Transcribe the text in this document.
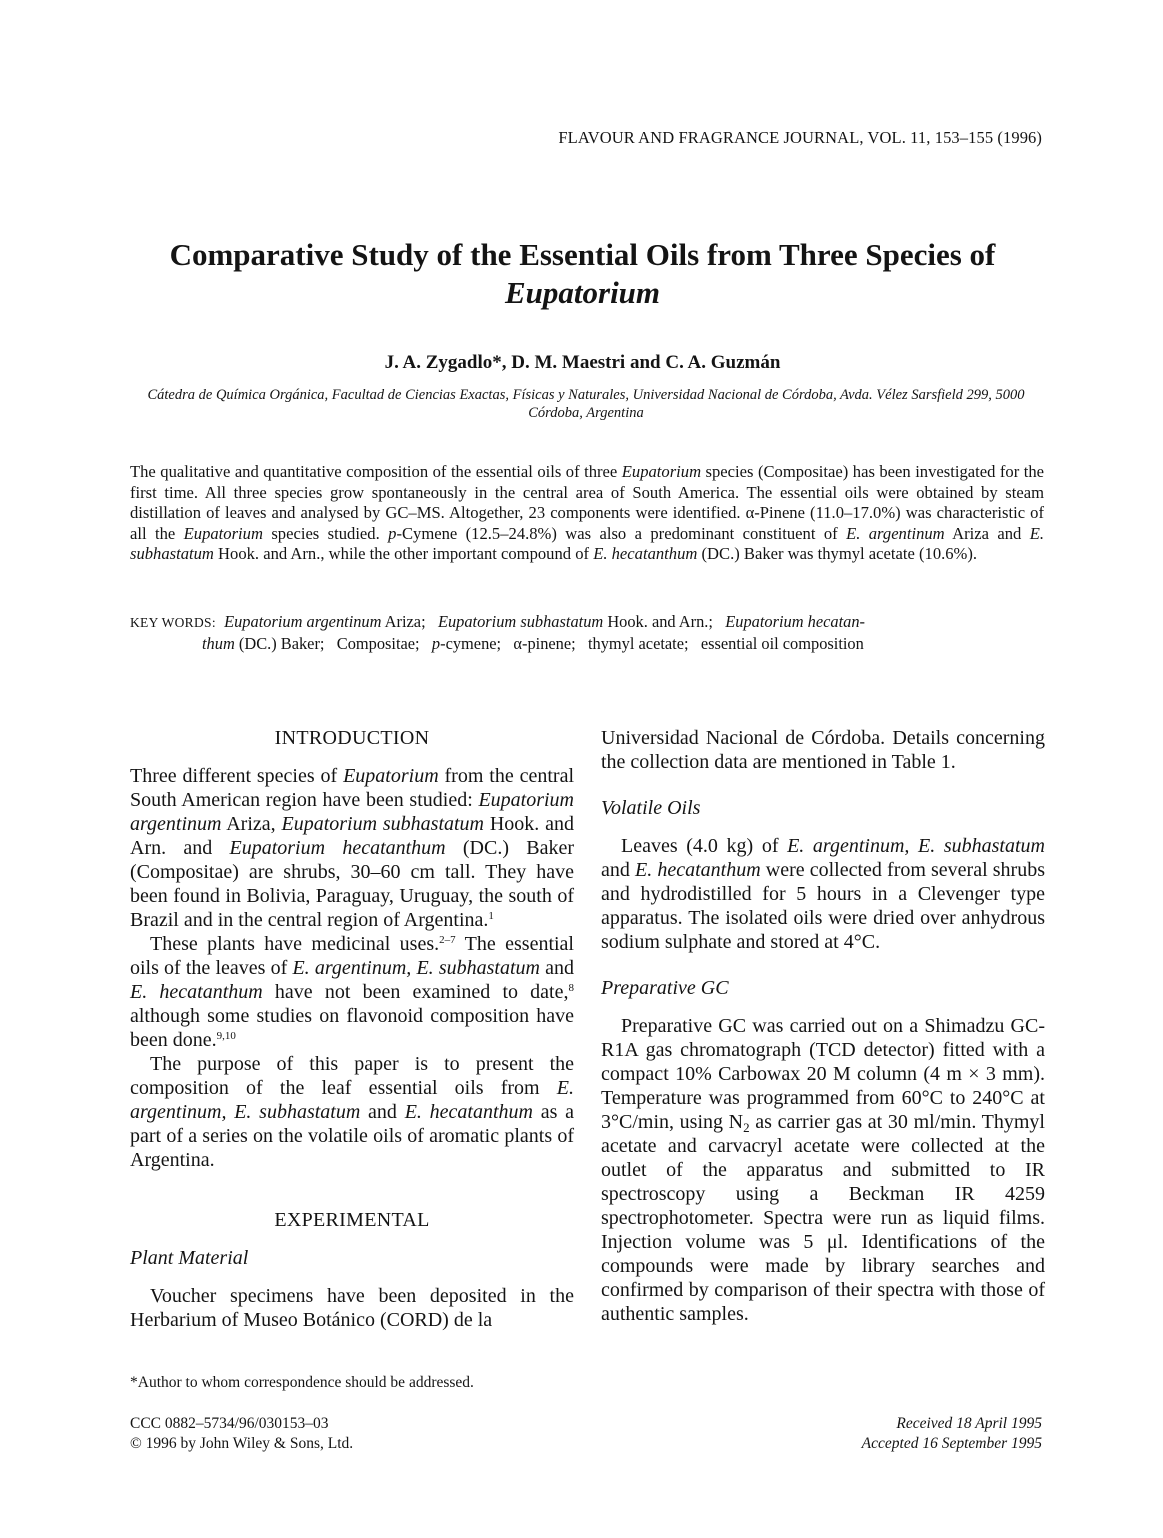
FLAVOUR AND FRAGRANCE JOURNAL, VOL. 11, 153–155 (1996)
Comparative Study of the Essential Oils from Three Species of
Eupatorium
J. A. Zygadlo*, D. M. Maestri and C. A. Guzmán
Cátedra de Química Orgánica, Facultad de Ciencias Exactas, Físicas y Naturales, Universidad Nacional de Córdoba, Avda. Vélez Sarsfield 299, 5000 Córdoba, Argentina
The qualitative and quantitative composition of the essential oils of three Eupatorium species (Compositae) has been investigated for the first time. All three species grow spontaneously in the central area of South America. The essential oils were obtained by steam distillation of leaves and analysed by GC–MS. Altogether, 23 components were identified. α-Pinene (11.0–17.0%) was characteristic of all the Eupatorium species studied. p-Cymene (12.5–24.8%) was also a predominant constituent of E. argentinum Ariza and E. subhastatum Hook. and Arn., while the other important compound of E. hecatanthum (DC.) Baker was thymyl acetate (10.6%).
KEY WORDS: Eupatorium argentinum Ariza;   Eupatorium subhastatum Hook. and Arn.;   Eupatorium hecatan-
thum (DC.) Baker;   Compositae;   p-cymene;   α-pinene;   thymyl acetate;   essential oil composition

INTRODUCTION

Three different species of Eupatorium from the central South American region have been studied: Eupatorium argentinum Ariza, Eupatorium subhastatum Hook. and Arn. and Eupatorium hecatanthum (DC.) Baker (Compositae) are shrubs, 30–60 cm tall. They have been found in Bolivia, Paraguay, Uruguay, the south of Brazil and in the central region of Argentina.$^1$

These plants have medicinal uses.$^{2-7}$ The essential oils of the leaves of E. argentinum, E. subhastatum and E. hecatanthum have not been examined to date,$^8$ although some studies on flavonoid composition have been done.$^{9,10}$

The purpose of this paper is to present the composition of the leaf essential oils from E. argentinum, E. subhastatum and E. hecatanthum as a part of a series on the volatile oils of aromatic plants of Argentina.

EXPERIMENTAL

Plant Material

Voucher specimens have been deposited in the Herbarium of Museo Botánico (CORD) de la

Universidad Nacional de Córdoba. Details concerning the collection data are mentioned in Table 1.

Volatile Oils

Leaves (4.0 kg) of E. argentinum, E. subhastatum and E. hecatanthum were collected from several shrubs and hydrodistilled for 5 hours in a Clevenger type apparatus. The isolated oils were dried over anhydrous sodium sulphate and stored at 4°C.

Preparative GC

Preparative GC was carried out on a Shimadzu GC-R1A gas chromatograph (TCD detector) fitted with a compact 10% Carbowax 20 M column (4 m × 3 mm). Temperature was programmed from 60°C to 240°C at 3°C/min, using $N_2$ as carrier gas at 30 ml/min. Thymyl acetate and carvacryl acetate were collected at the outlet of the apparatus and submitted to IR spectroscopy using a Beckman IR 4259 spectrophotometer. Spectra were run as liquid films. Injection volume was 5 μl. Identifications of the compounds were made by library searches and confirmed by comparison of their spectra with those of authentic samples.

*Author to whom correspondence should be addressed.
CCC 0882–5734/96/030153–03
© 1996 by John Wiley & Sons, Ltd.
Received 18 April 1995
Accepted 16 September 1995
